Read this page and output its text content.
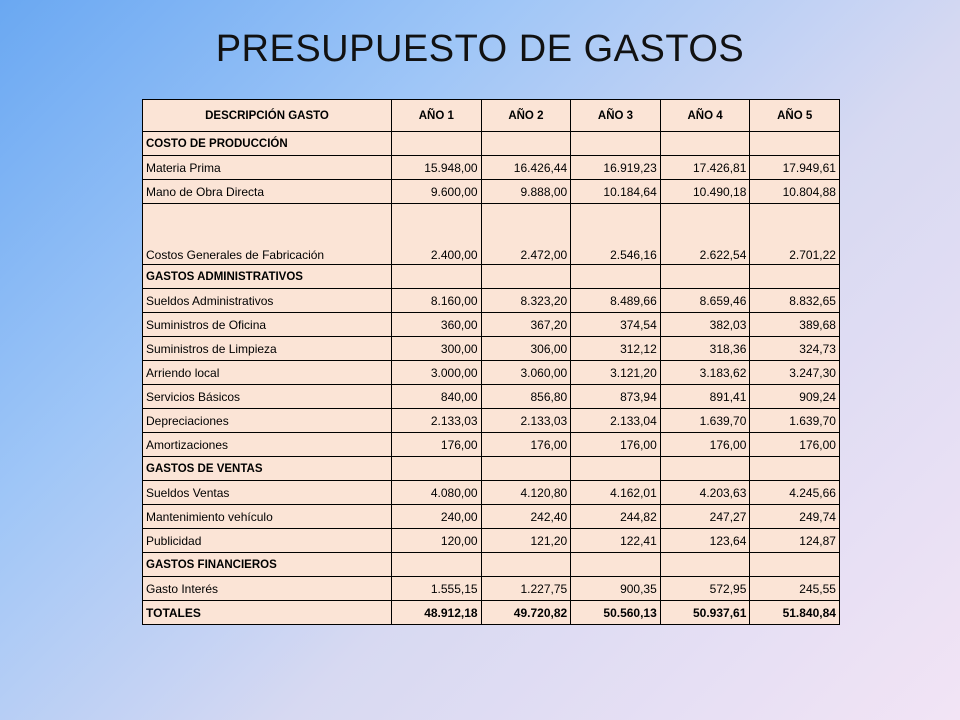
PRESUPUESTO DE GASTOS
DESCRIPCIÓN GASTO	AÑO 1	AÑO 2	AÑO 3	AÑO 4	AÑO 5
COSTO DE PRODUCCIÓN					
Materia Prima	15.948,00	16.426,44	16.919,23	17.426,81	17.949,61
Mano de Obra Directa	9.600,00	9.888,00	10.184,64	10.490,18	10.804,88
Costos Generales de Fabricación	2.400,00	2.472,00	2.546,16	2.622,54	2.701,22
GASTOS ADMINISTRATIVOS					
Sueldos Administrativos	8.160,00	8.323,20	8.489,66	8.659,46	8.832,65
Suministros de Oficina	360,00	367,20	374,54	382,03	389,68
Suministros de Limpieza	300,00	306,00	312,12	318,36	324,73
Arriendo local	3.000,00	3.060,00	3.121,20	3.183,62	3.247,30
Servicios Básicos	840,00	856,80	873,94	891,41	909,24
Depreciaciones	2.133,03	2.133,03	2.133,04	1.639,70	1.639,70
Amortizaciones	176,00	176,00	176,00	176,00	176,00
GASTOS DE VENTAS					
Sueldos Ventas	4.080,00	4.120,80	4.162,01	4.203,63	4.245,66
Mantenimiento vehículo	240,00	242,40	244,82	247,27	249,74
Publicidad	120,00	121,20	122,41	123,64	124,87
GASTOS FINANCIEROS					
Gasto Interés	1.555,15	1.227,75	900,35	572,95	245,55
TOTALES	48.912,18	49.720,82	50.560,13	50.937,61	51.840,84
